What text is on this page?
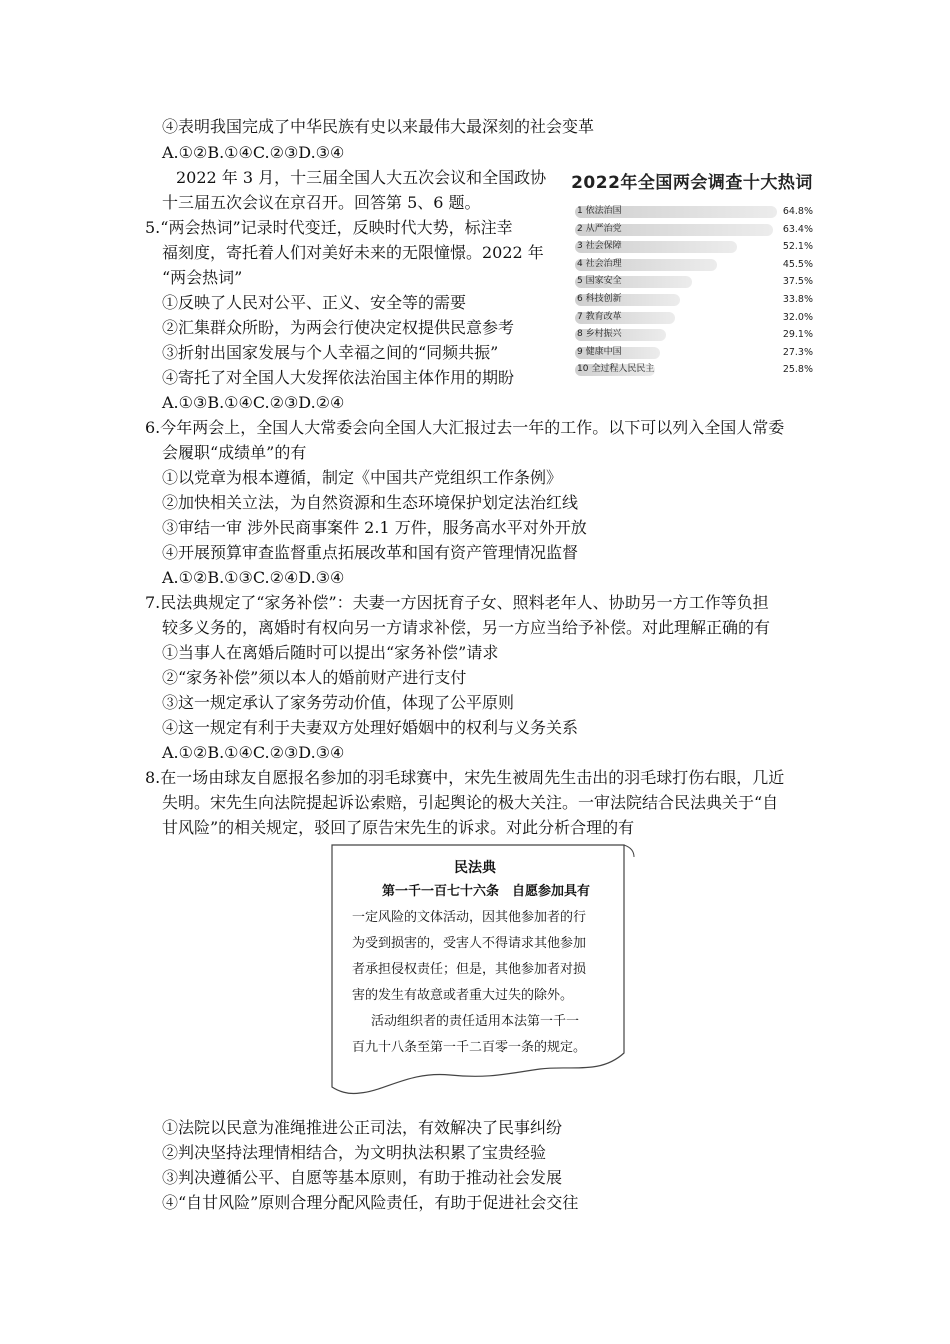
④表明我国完成了中华民族有史以来最伟大最深刻的社会变革
A.①②B.①④C.②③D.③④
2022 年 3 月，十三届全国人大五次会议和全国政协
十三届五次会议在京召开。回答第 5、6 题。
5.“两会热词”记录时代变迁，反映时代大势，标注幸
福刻度，寄托着人们对美好未来的无限憧憬。2022 年
“两会热词”
①反映了人民对公平、正义、安全等的需要
②汇集群众所盼，为两会行使决定权提供民意参考
③折射出国家发展与个人幸福之间的“同频共振”
④寄托了对全国人大发挥依法治国主体作用的期盼
A.①③B.①④C.②③D.②④
6.今年两会上，全国人大常委会向全国人大汇报过去一年的工作。以下可以列入全国人常委
会履职“成绩单”的有
①以党章为根本遵循，制定《中国共产党组织工作条例》
②加快相关立法，为自然资源和生态环境保护划定法治红线
③审结一审 涉外民商事案件 2.1 万件，服务高水平对外开放
④开展预算审查监督重点拓展改革和国有资产管理情况监督
A.①②B.①③C.②④D.③④
7.民法典规定了“家务补偿”：夫妻一方因抚育子女、照料老年人、协助另一方工作等负担
较多义务的，离婚时有权向另一方请求补偿，另一方应当给予补偿。对此理解正确的有
①当事人在离婚后随时可以提出“家务补偿”请求
②“家务补偿”须以本人的婚前财产进行支付
③这一规定承认了家务劳动价值，体现了公平原则
④这一规定有利于夫妻双方处理好婚姻中的权利与义务关系
A.①②B.①④C.②③D.③④
8.在一场由球友自愿报名参加的羽毛球赛中，宋先生被周先生击出的羽毛球打伤右眼，几近
失明。宋先生向法院提起诉讼索赔，引起舆论的极大关注。一审法院结合民法典关于“自
甘风险”的相关规定，驳回了原告宋先生的诉求。对此分析合理的有
①法院以民意为准绳推进公正司法，有效解决了民事纠纷
②判决坚持法理情相结合，为文明执法积累了宝贵经验
③判决遵循公平、自愿等基本原则，有助于推动社会发展
④“自甘风险”原则合理分配风险责任，有助于促进社会交往
2022年全国两会调查十大热词
1 依法治国	64.8%
2 从严治党	63.4%
3 社会保障	52.1%
4 社会治理	45.5%
5 国家安全	37.5%
6 科技创新	33.8%
7 教育改革	32.0%
8 乡村振兴	29.1%
9 健康中国	27.3%
10 全过程人民民主	25.8%
民法典
第一千一百七十六条　自愿参加具有
一定风险的文体活动，因其他参加者的行
为受到损害的，受害人不得请求其他参加
者承担侵权责任；但是，其他参加者对损
害的发生有故意或者重大过失的除外。
　活动组织者的责任适用本法第一千一
百九十八条至第一千二百零一条的规定。
